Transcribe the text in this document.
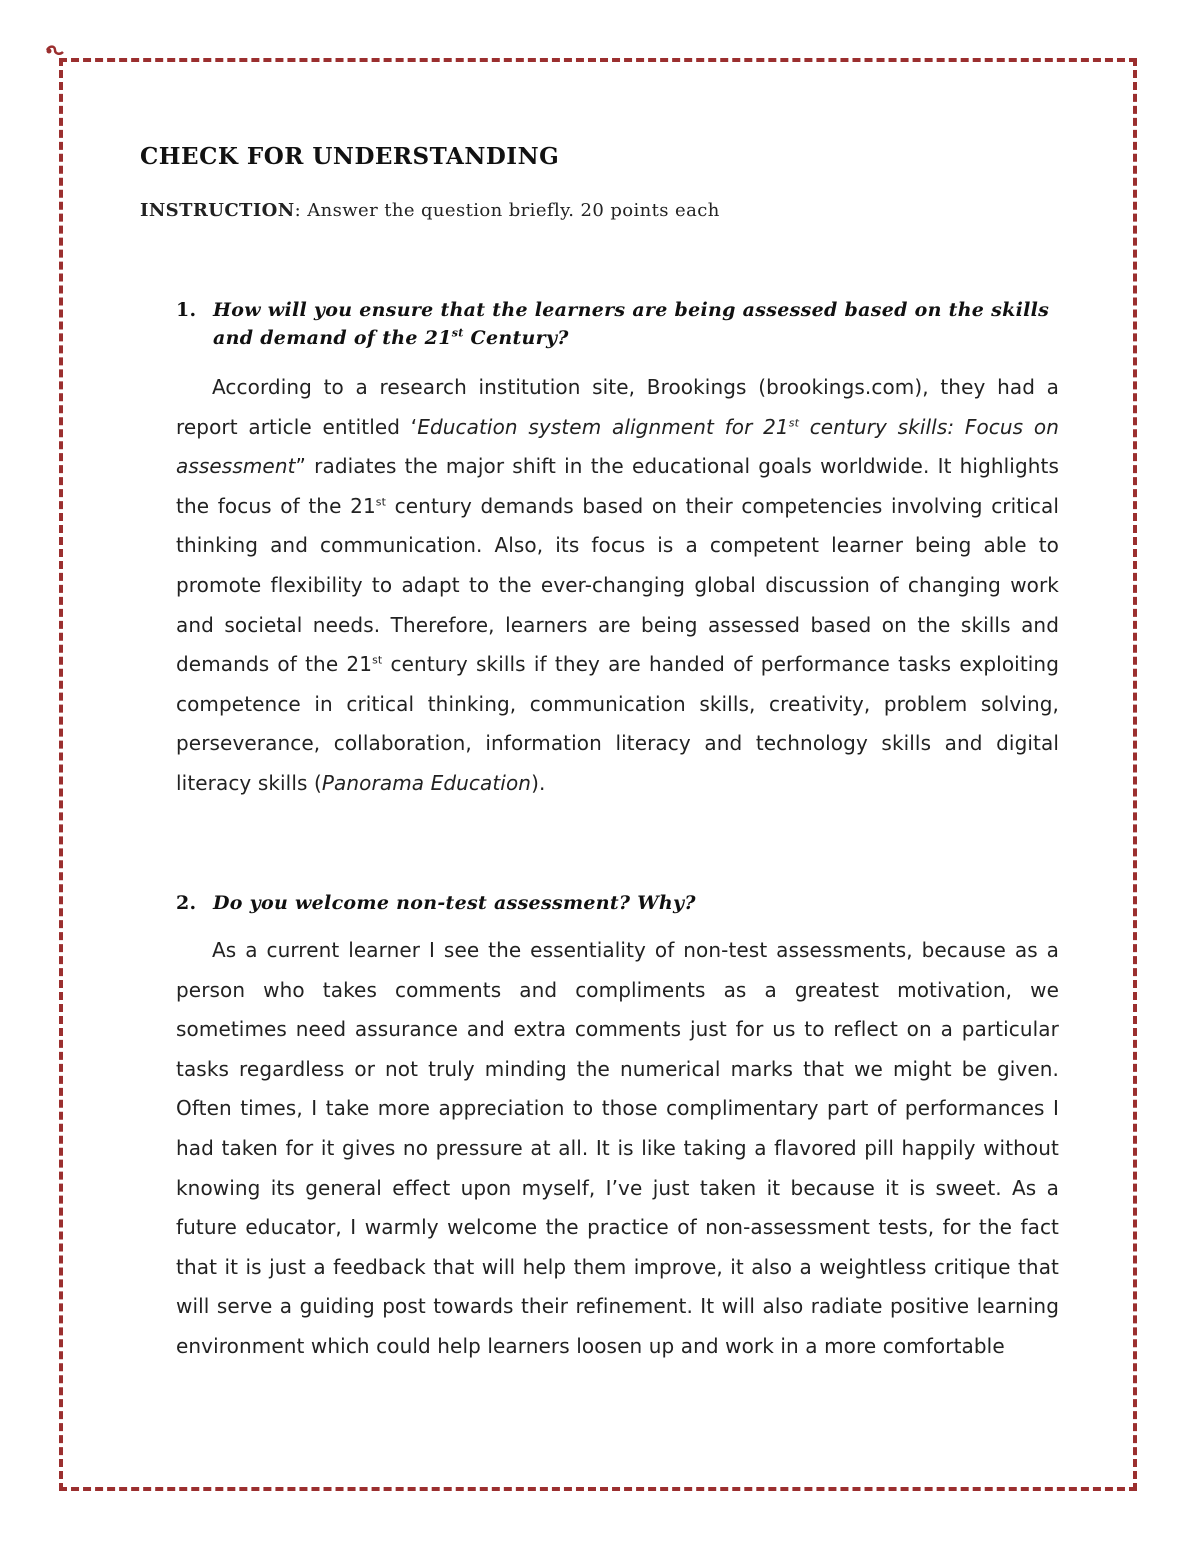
CHECK FOR UNDERSTANDING

INSTRUCTION: Answer the question briefly. 20 points each

1. How will you ensure that the learners are being assessed based on the skills and demand of the 21st Century?

According to a research institution site, Brookings (brookings.com), they had a report article entitled ‘Education system alignment for 21st century skills: Focus on assessment” radiates the major shift in the educational goals worldwide. It highlights the focus of the 21st century demands based on their competencies involving critical thinking and communication. Also, its focus is a competent learner being able to promote flexibility to adapt to the ever-changing global discussion of changing work and societal needs. Therefore, learners are being assessed based on the skills and demands of the 21st century skills if they are handed of performance tasks exploiting competence in critical thinking, communication skills, creativity, problem solving, perseverance, collaboration, information literacy and technology skills and digital literacy skills (Panorama Education).

2. Do you welcome non-test assessment? Why?

As a current learner I see the essentiality of non-test assessments, because as a person who takes comments and compliments as a greatest motivation, we sometimes need assurance and extra comments just for us to reflect on a particular tasks regardless or not truly minding the numerical marks that we might be given. Often times, I take more appreciation to those complimentary part of performances I had taken for it gives no pressure at all. It is like taking a flavored pill happily without knowing its general effect upon myself, I’ve just taken it because it is sweet. As a future educator, I warmly welcome the practice of non-assessment tests, for the fact that it is just a feedback that will help them improve, it also a weightless critique that will serve a guiding post towards their refinement. It will also radiate positive learning environment which could help learners loosen up and work in a more comfortable
